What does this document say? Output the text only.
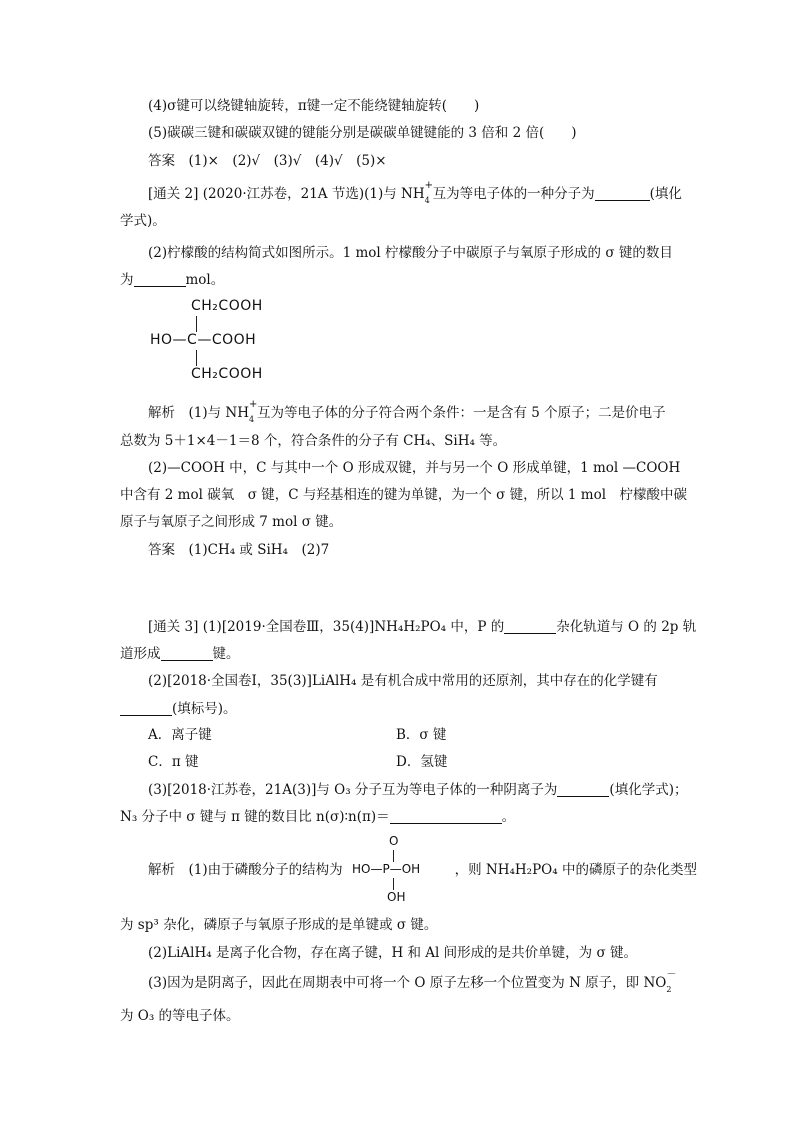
(4)σ键可以绕键轴旋转，π键一定不能绕键轴旋转(　　)
(5)碳碳三键和碳碳双键的键能分别是碳碳单键键能的 3 倍和 2 倍(　　)
答案　(1)×　(2)√　(3)√　(4)√　(5)×
[通关 2] (2020·江苏卷，21A 节选)(1)与 NH
+
4 互为等电子体的一种分子为	(填化
学式)。
(2)柠檬酸的结构简式如图所示。1 mol 柠檬酸分子中碳原子与氧原子形成的 σ 键的数目
为	mol。
CH₂COOH
HO—C—COOH
CH₂COOH
解析　(1)与 NH
+
4 互为等电子体的分子符合两个条件：一是含有 5 个原子；二是价电子
总数为 5＋1×4－1＝8 个，符合条件的分子有 CH₄、SiH₄ 等。
(2)—COOH 中，C 与其中一个 O 形成双键，并与另一个 O 形成单键，1 mol —COOH
中含有 2 mol 碳氧　σ 键，C 与羟基相连的键为单键，为一个 σ 键，所以 1 mol　柠檬酸中碳
原子与氧原子之间形成 7 mol σ 键。
答案　(1)CH₄ 或 SiH₄　(2)7
[通关 3] (1)[2019·全国卷Ⅲ，35(4)]NH₄H₂PO₄ 中，P 的	杂化轨道与 O 的 2p 轨
道形成	键。
(2)[2018·全国卷Ⅰ，35(3)]LiAlH₄ 是有机合成中常用的还原剂，其中存在的化学键有
(填标号)。
A．离子键	B．σ 键
C．π 键	D．氢键
(3)[2018·江苏卷，21A(3)]与 O₃ 分子互为等电子体的一种阴离子为	(填化学式)；
N₃ 分子中 σ 键与 π 键的数目比 n(σ)∶n(π)＝	。
解析　(1)由于磷酸分子的结构为	，则 NH₄H₂PO₄ 中的磷原子的杂化类型
O
HO—P—OH
OH
为 sp³ 杂化，磷原子与氧原子形成的是单键或 σ 键。
(2)LiAlH₄ 是离子化合物，存在离子键，H 和 Al 间形成的是共价单键，为 σ 键。
(3)因为是阴离子，因此在周期表中可将一个 O 原子左移一个位置变为 N 原子，即 NO
－
2
为 O₃ 的等电子体。
